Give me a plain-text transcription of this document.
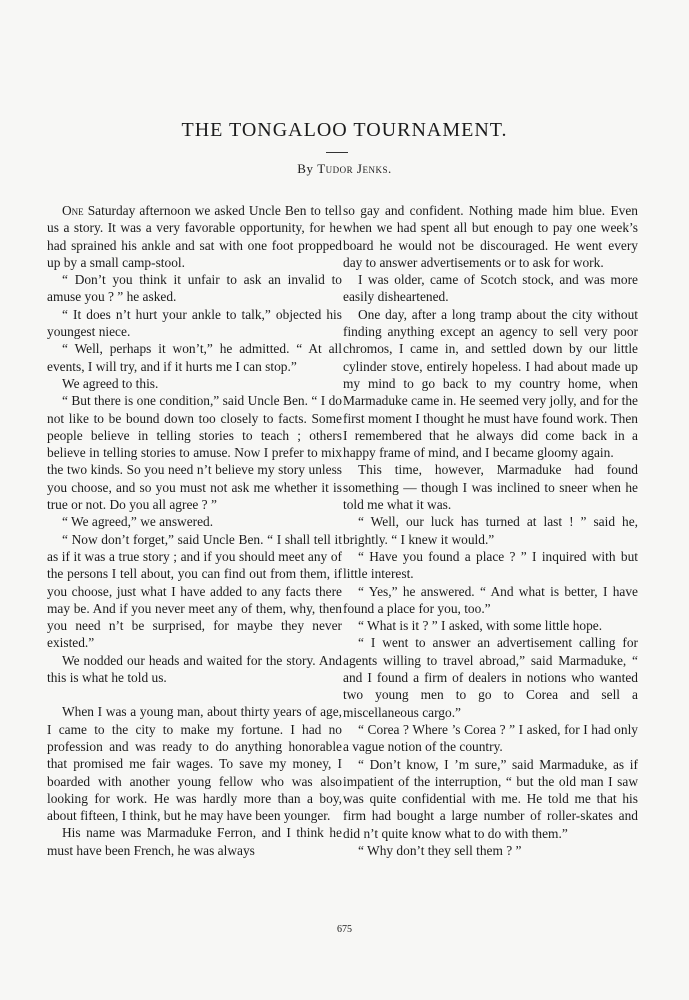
THE TONGALOO TOURNAMENT.
By Tudor Jenks.

One Saturday afternoon we asked Uncle Ben to tell us a story. It was a very favorable opportunity, for he had sprained his ankle and sat with one foot propped up by a small camp-stool.

“ Don’t you think it unfair to ask an invalid to amuse you ? ” he asked.

“ It does n’t hurt your ankle to talk,” objected his youngest niece.

“ Well, perhaps it won’t,” he admitted. “ At all events, I will try, and if it hurts me I can stop.”

We agreed to this.

“ But there is one condition,” said Uncle Ben. “ I do not like to be bound down too closely to facts. Some people believe in telling stories to teach ; others believe in telling stories to amuse. Now I prefer to mix the two kinds. So you need n’t believe my story unless you choose, and so you must not ask me whether it is true or not. Do you all agree ? ”

“ We agreed,” we answered.

“ Now don’t forget,” said Uncle Ben. “ I shall tell it as if it was a true story ; and if you should meet any of the persons I tell about, you can find out from them, if you choose, just what I have added to any facts there may be. And if you never meet any of them, why, then you need n’t be surprised, for maybe they never existed.”

We nodded our heads and waited for the story. And this is what he told us.

When I was a young man, about thirty years of age, I came to the city to make my fortune. I had no profession and was ready to do anything honorable that promised me fair wages. To save my money, I boarded with another young fellow who was also looking for work. He was hardly more than a boy, about fifteen, I think, but he may have been younger.

His name was Marmaduke Ferron, and I think he must have been French, he was always

so gay and confident. Nothing made him blue. Even when we had spent all but enough to pay one week’s board he would not be discouraged. He went every day to answer advertisements or to ask for work.

I was older, came of Scotch stock, and was more easily disheartened.

One day, after a long tramp about the city without finding anything except an agency to sell very poor chromos, I came in, and settled down by our little cylinder stove, entirely hopeless. I had about made up my mind to go back to my country home, when Marmaduke came in. He seemed very jolly, and for the first moment I thought he must have found work. Then I remembered that he always did come back in a happy frame of mind, and I became gloomy again.

This time, however, Marmaduke had found something — though I was inclined to sneer when he told me what it was.

“ Well, our luck has turned at last ! ” said he, brightly. “ I knew it would.”

“ Have you found a place ? ” I inquired with but little interest.

“ Yes,” he answered. “ And what is better, I have found a place for you, too.”

“ What is it ? ” I asked, with some little hope.

“ I went to answer an advertisement calling for agents willing to travel abroad,” said Marmaduke, “ and I found a firm of dealers in notions who wanted two young men to go to Corea and sell a miscellaneous cargo.”

“ Corea ? Where ’s Corea ? ” I asked, for I had only a vague notion of the country.

“ Don’t know, I ’m sure,” said Marmaduke, as if impatient of the interruption, “ but the old man I saw was quite confidential with me. He told me that his firm had bought a large number of roller-skates and did n’t quite know what to do with them.”

“ Why don’t they sell them ? ”

675
